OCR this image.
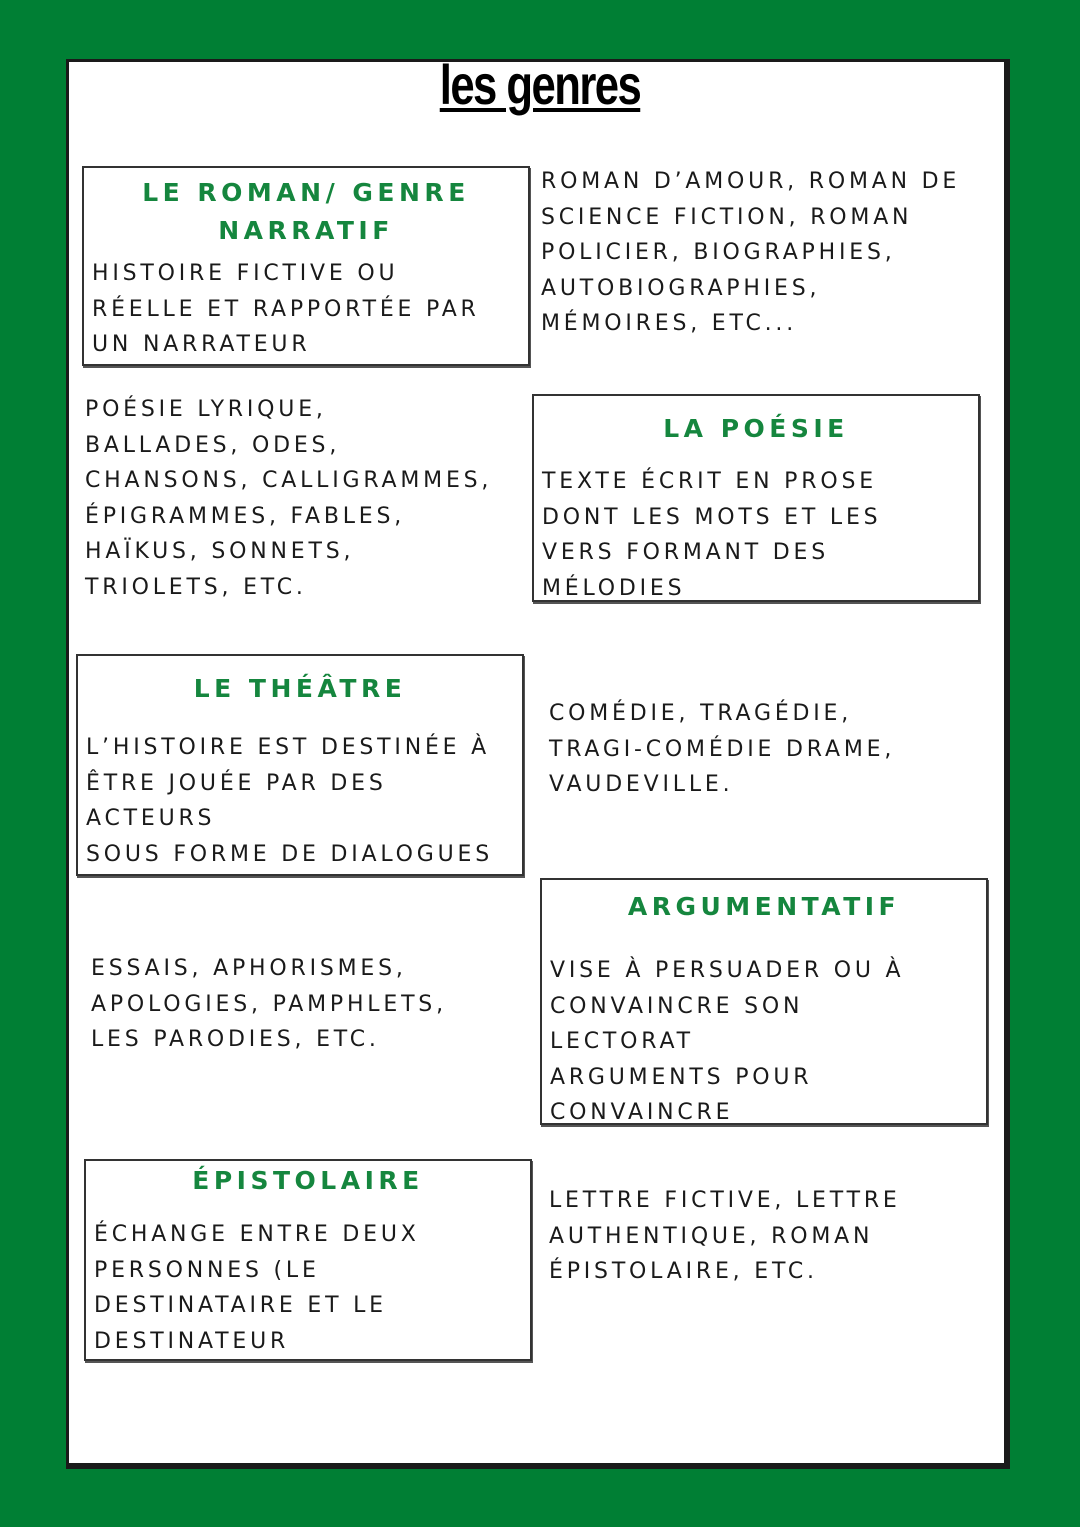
les genres
LE ROMAN/ GENRE
NARRATIF
HISTOIRE FICTIVE OU
RÉELLE ET RAPPORTÉE PAR
UN NARRATEUR
ROMAN D’AMOUR, ROMAN DE
SCIENCE FICTION, ROMAN
POLICIER, BIOGRAPHIES,
AUTOBIOGRAPHIES,
MÉMOIRES, ETC...
POÉSIE LYRIQUE,
BALLADES, ODES,
CHANSONS, CALLIGRAMMES,
ÉPIGRAMMES, FABLES,
HAÏKUS, SONNETS,
TRIOLETS, ETC.
LA POÉSIE
TEXTE ÉCRIT EN PROSE
DONT LES MOTS ET LES
VERS FORMANT DES
MÉLODIES
LE THÉÂTRE
L’HISTOIRE EST DESTINÉE À
ÊTRE JOUÉE PAR DES
ACTEURS
SOUS FORME DE DIALOGUES
COMÉDIE, TRAGÉDIE,
TRAGI-COMÉDIE DRAME,
VAUDEVILLE.
ESSAIS, APHORISMES,
APOLOGIES, PAMPHLETS,
LES PARODIES, ETC.
ARGUMENTATIF
VISE À PERSUADER OU À
CONVAINCRE SON
LECTORAT
ARGUMENTS POUR
CONVAINCRE
ÉPISTOLAIRE
ÉCHANGE ENTRE DEUX
PERSONNES (LE
DESTINATAIRE ET LE
DESTINATEUR
LETTRE FICTIVE, LETTRE
AUTHENTIQUE, ROMAN
ÉPISTOLAIRE, ETC.
